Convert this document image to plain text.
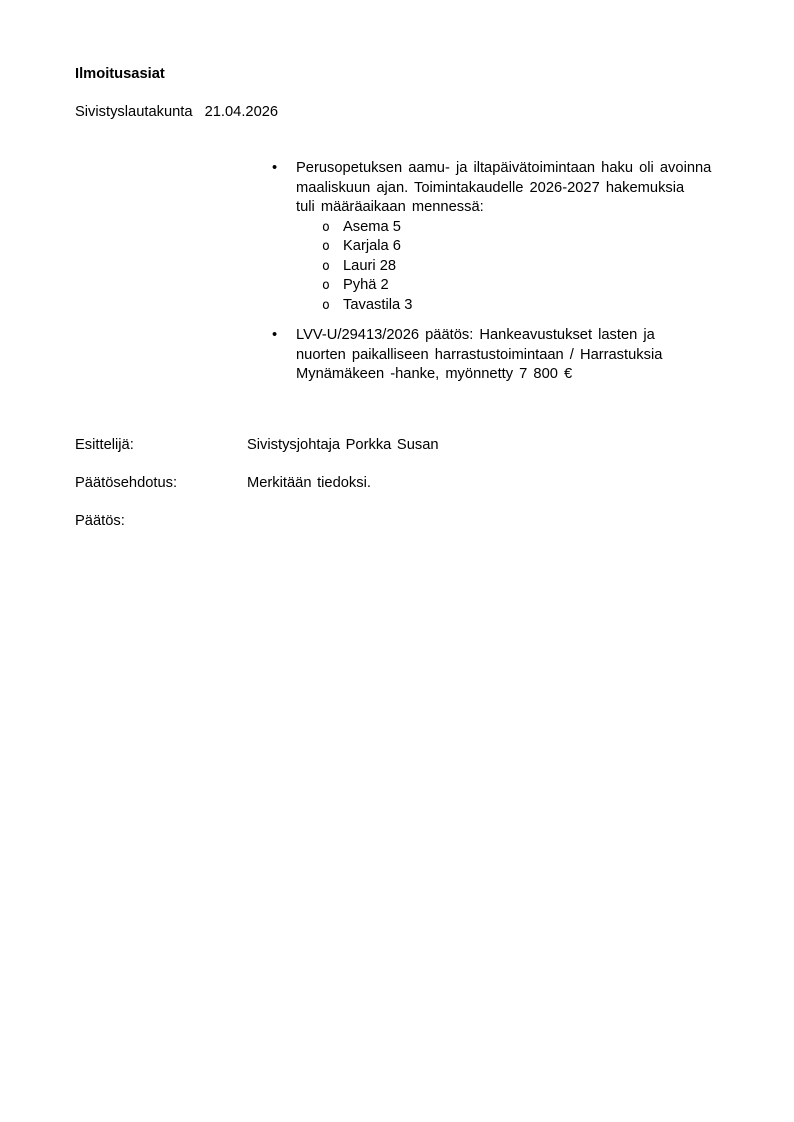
Ilmoitusasiat
Sivistyslautakunta 21.04.2026
•	Perusopetuksen aamu- ja iltapäivätoimintaan haku oli avoinna
maaliskuun ajan. Toimintakaudelle 2026-2027 hakemuksia
tuli määräaikaan mennessä:
o Asema 5
o Karjala 6
o Lauri 28
o Pyhä 2
o Tavastila 3
•	LVV-U/29413/2026 päätös: Hankeavustukset lasten ja
nuorten paikalliseen harrastustoimintaan / Harrastuksia
Mynämäkeen -hanke, myönnetty 7 800 €
Esittelijä:	Sivistysjohtaja Porkka Susan
Päätösehdotus:	Merkitään tiedoksi.
Päätös:
